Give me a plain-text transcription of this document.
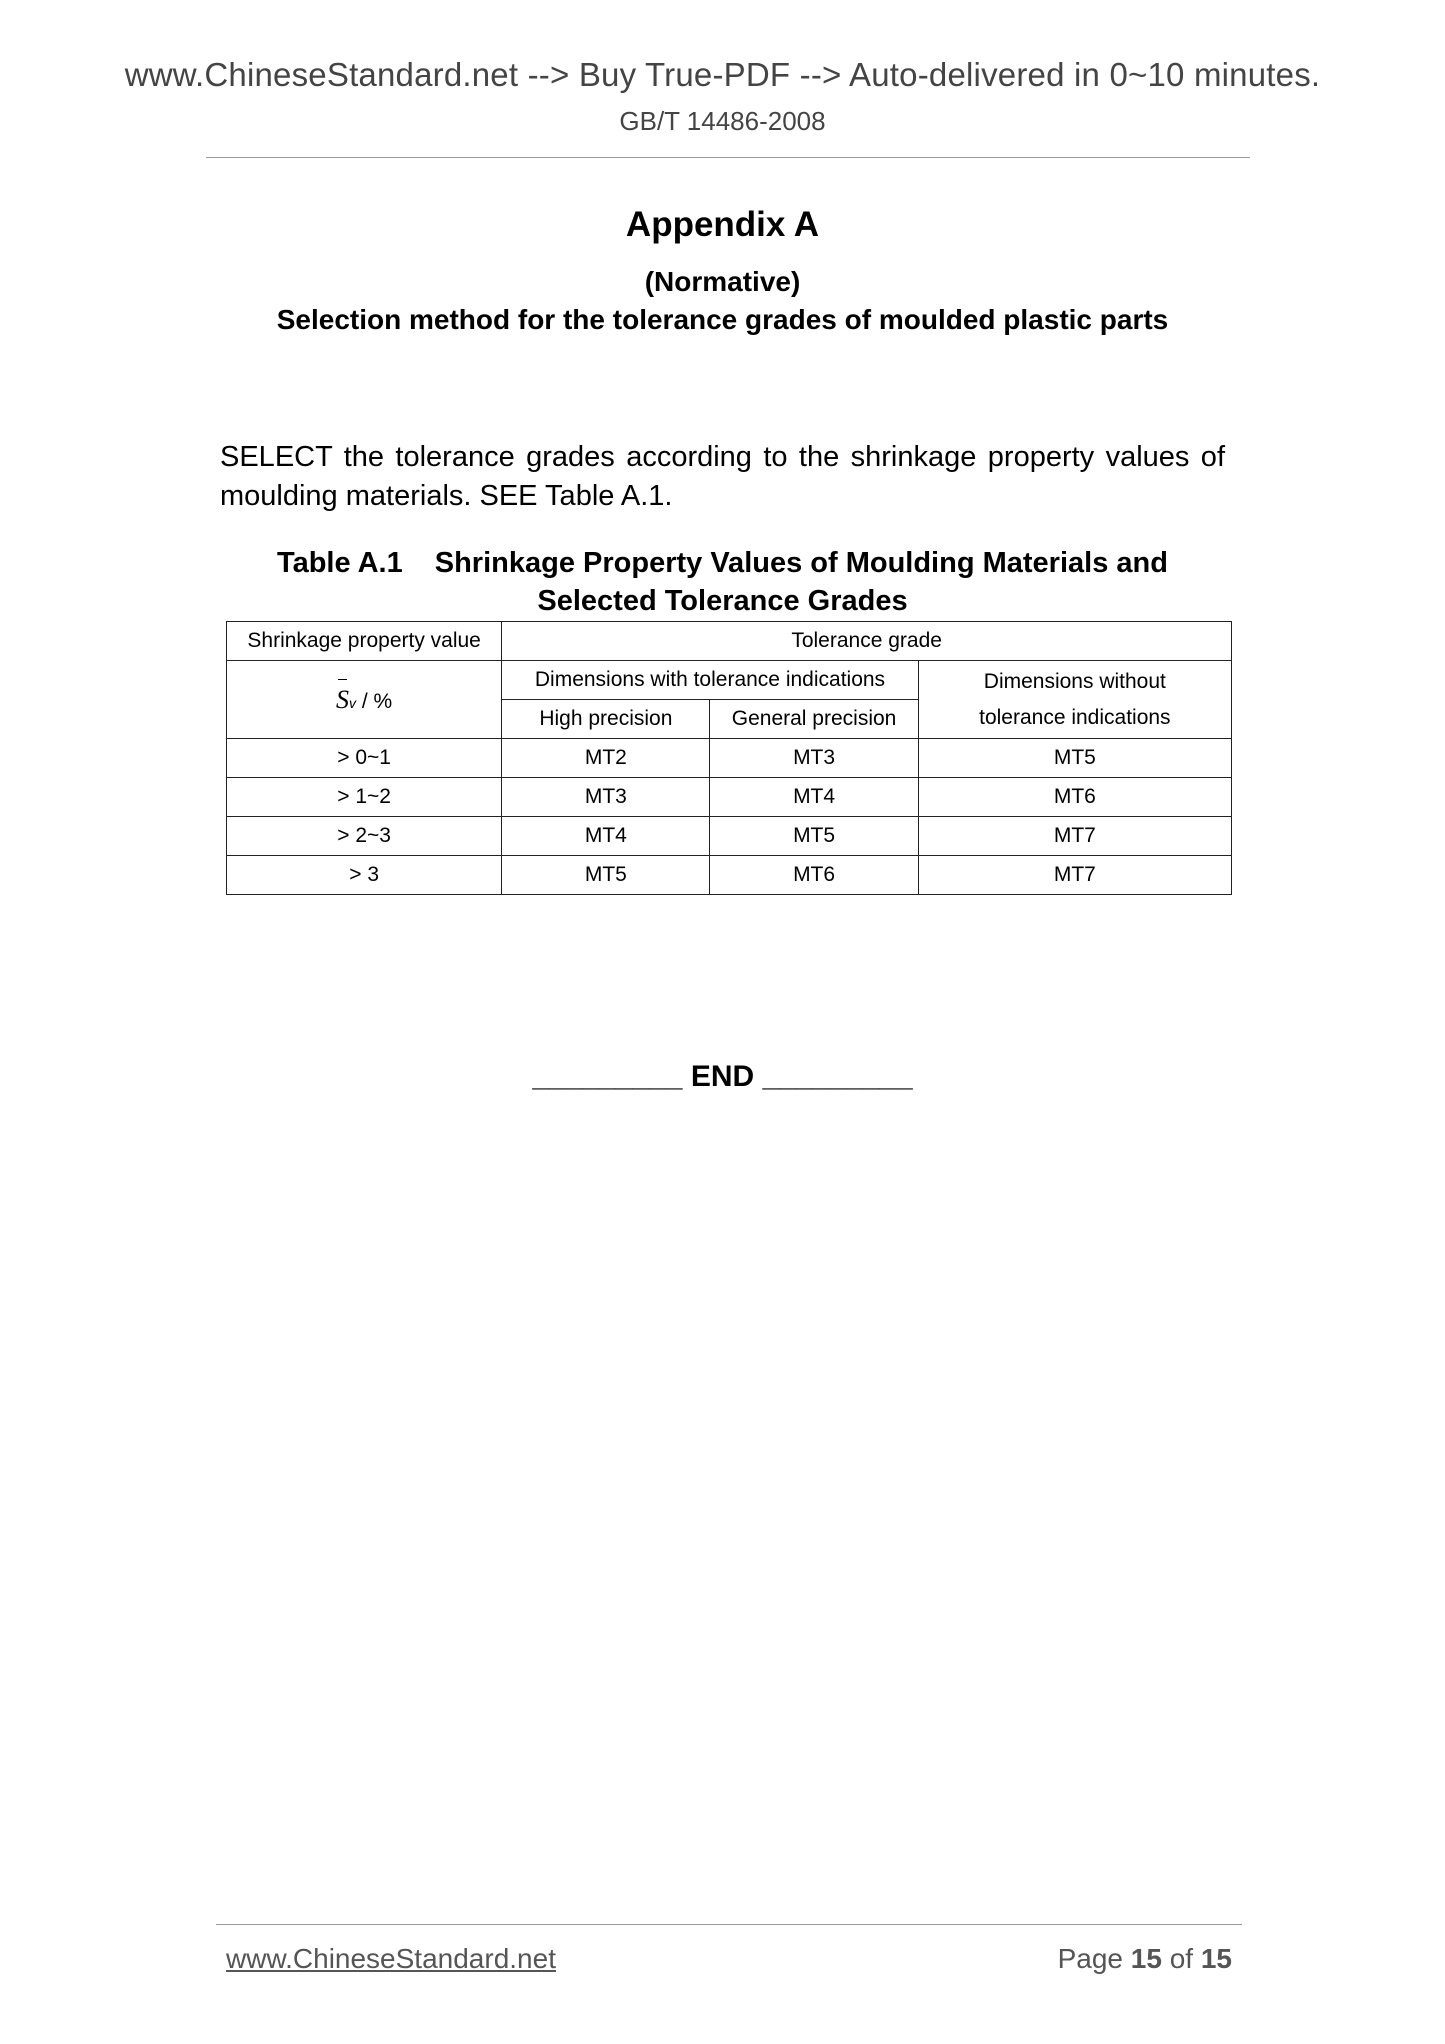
www.ChineseStandard.net --> Buy True-PDF --> Auto-delivered in 0~10 minutes.
GB/T 14486-2008
Appendix A
(Normative)
Selection method for the tolerance grades of moulded plastic parts
SELECT the tolerance grades according to the shrinkage property values of moulding materials. SEE Table A.1.
Table A.1 Shrinkage Property Values of Moulding Materials and
Selected Tolerance Grades
Shrinkage property value	Tolerance grade		

Sv / %	Dimensions with tolerance indications		Dimensions without
tolerance indications

	High precision	General precision	
> 0~1	MT2	MT3	MT5
> 1~2	MT3	MT4	MT6
> 2~3	MT4	MT5	MT7
> 3	MT5	MT6	MT7
_________ END _________
www.ChineseStandard.net	Page 15 of 15
